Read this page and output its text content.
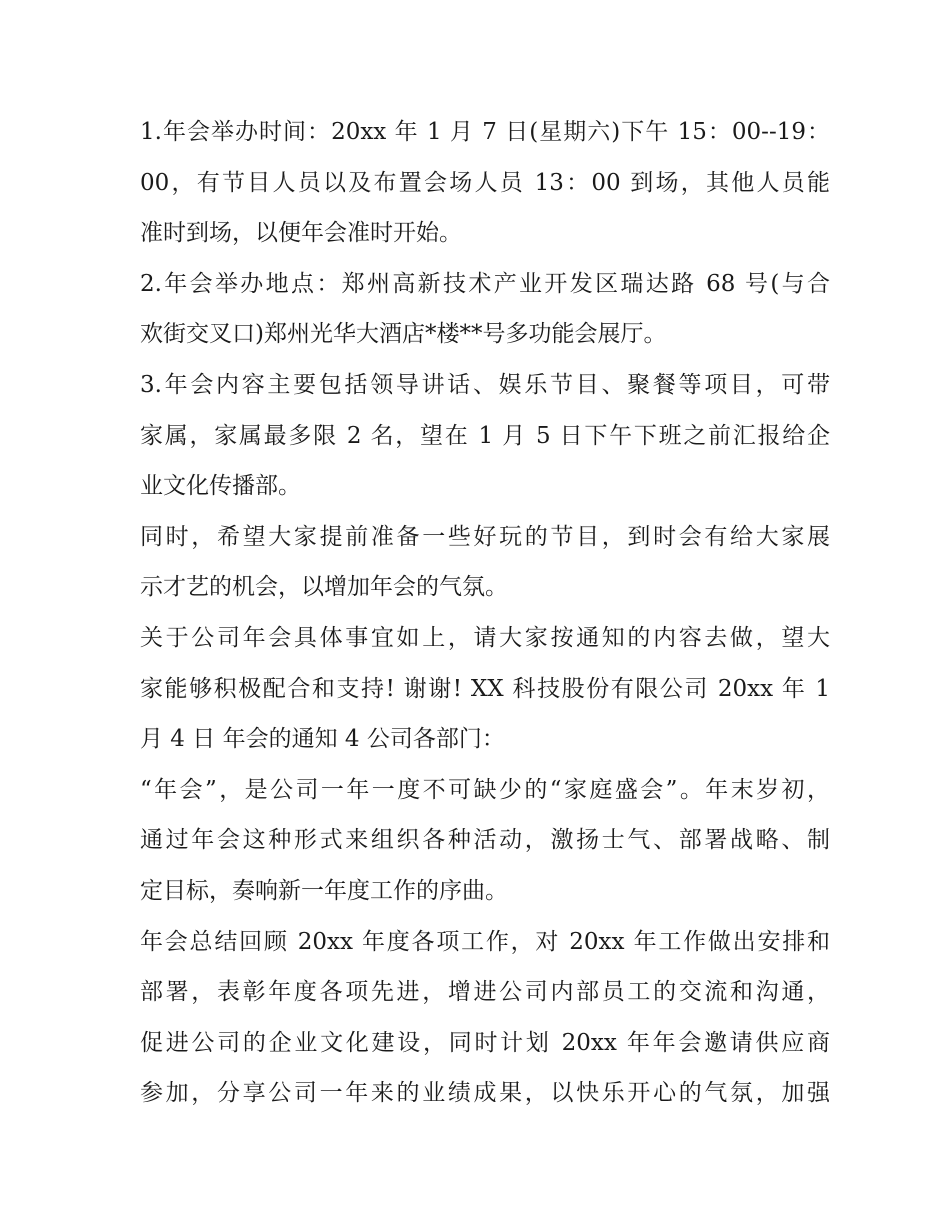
1.年会举办时间：20xx 年 1 月 7 日(星期六)下午 15：00--19：
00，有节目人员以及布置会场人员 13：00 到场，其他人员能
准时到场，以便年会准时开始。
2.年会举办地点：郑州高新技术产业开发区瑞达路 68 号(与合
欢街交叉口)郑州光华大酒店*楼**号多功能会展厅。
3.年会内容主要包括领导讲话、娱乐节目、聚餐等项目，可带
家属，家属最多限 2 名，望在 1 月 5 日下午下班之前汇报给企
业文化传播部。
同时，希望大家提前准备一些好玩的节目，到时会有给大家展
示才艺的机会，以增加年会的气氛。
关于公司年会具体事宜如上，请大家按通知的内容去做，望大
家能够积极配合和支持! 谢谢! XX 科技股份有限公司 20xx 年 1
月 4 日 年会的通知 4 公司各部门：
“年会”，是公司一年一度不可缺少的“家庭盛会”。年末岁初，
通过年会这种形式来组织各种活动，激扬士气、部署战略、制
定目标，奏响新一年度工作的序曲。
年会总结回顾 20xx 年度各项工作，对 20xx 年工作做出安排和
部署，表彰年度各项先进，增进公司内部员工的交流和沟通，
促进公司的企业文化建设，同时计划 20xx 年年会邀请供应商
参加，分享公司一年来的业绩成果，以快乐开心的气氛，加强
